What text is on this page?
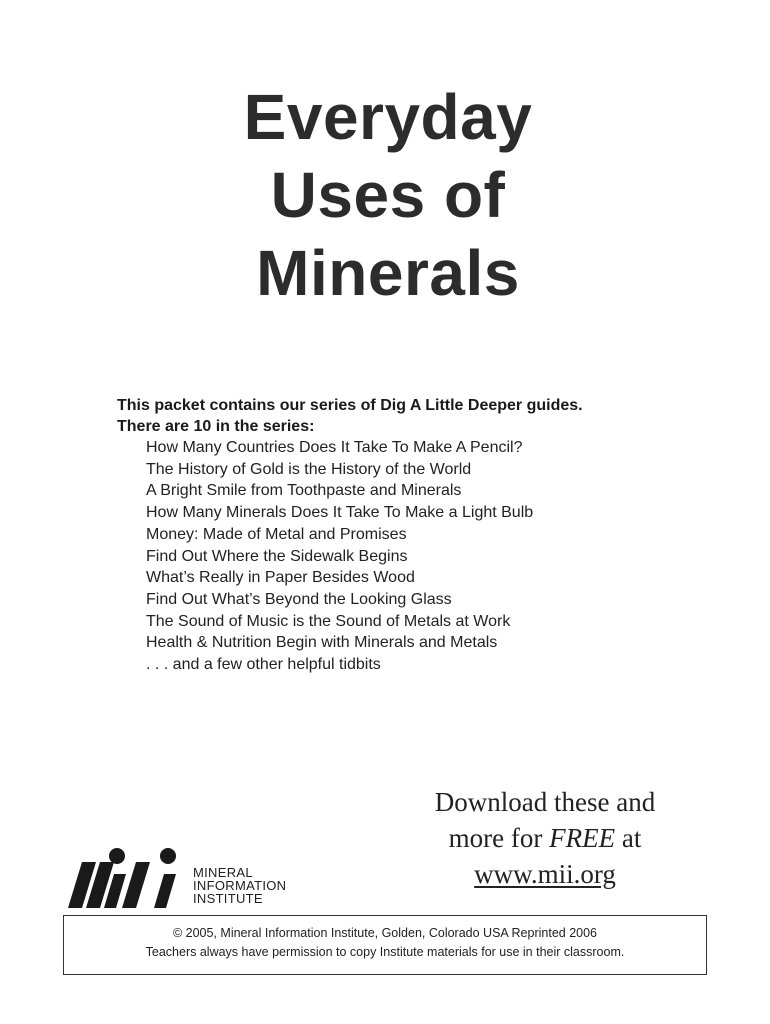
Everyday
Uses of
Minerals
This packet contains our series of Dig A Little Deeper guides.
There are 10 in the series:
How Many Countries Does It Take To Make A Pencil?
The History of Gold is the History of the World
A Bright Smile from Toothpaste and Minerals
How Many Minerals Does It Take To Make a Light Bulb
Money: Made of Metal and Promises
Find Out Where the Sidewalk Begins
What’s Really in Paper Besides Wood
Find Out What’s Beyond the Looking Glass
The Sound of Music is the Sound of Metals at Work
Health & Nutrition Begin with Minerals and Metals
. . . and a few other helpful tidbits
Download these and
more for FREE at
www.mii.org
MINERAL
INFORMATION
INSTITUTE
© 2005, Mineral Information Institute, Golden, Colorado USA Reprinted 2006
Teachers always have permission to copy Institute materials for use in their classroom.
